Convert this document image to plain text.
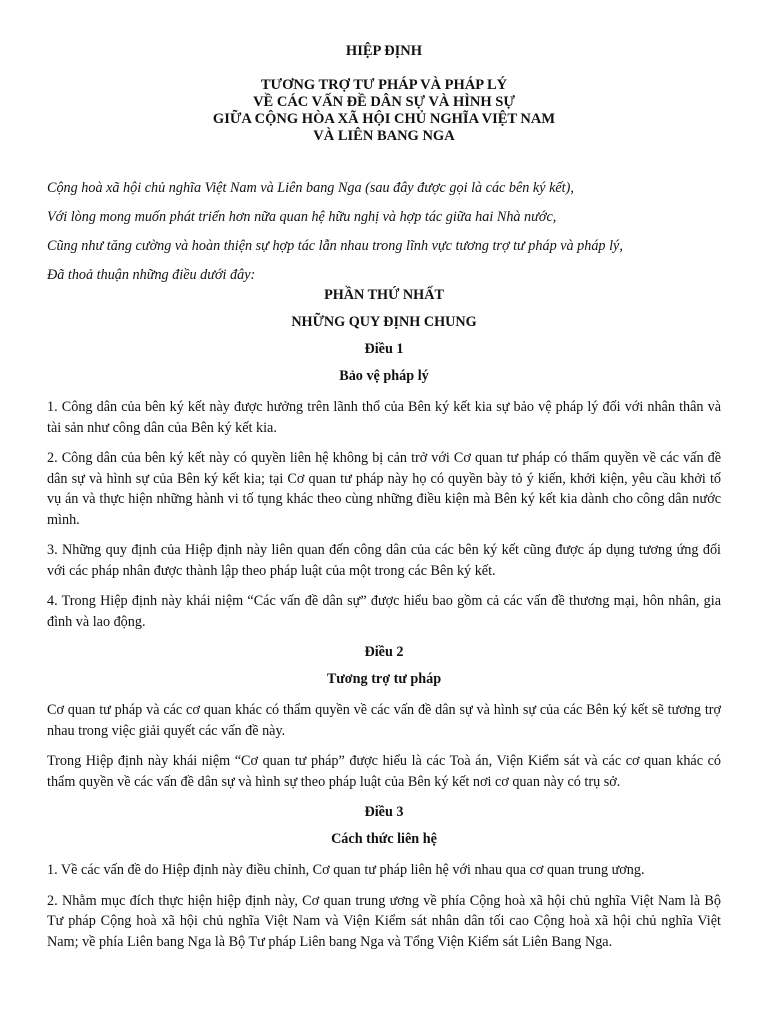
HIỆP ĐỊNH
TƯƠNG TRỢ TƯ PHÁP VÀ PHÁP LÝ
VỀ CÁC VẤN ĐỀ DÂN SỰ VÀ HÌNH SỰ
GIỮA CỘNG HÒA XÃ HỘI CHỦ NGHĨA VIỆT NAM
VÀ LIÊN BANG NGA

Cộng hoà xã hội chủ nghĩa Việt Nam và Liên bang Nga (sau đây được gọi là các bên ký kết),

Với lòng mong muốn phát triển hơn nữa quan hệ hữu nghị và hợp tác giữa hai Nhà nước,

Cũng như tăng cường và hoàn thiện sự hợp tác lẫn nhau trong lĩnh vực tương trợ tư pháp và pháp lý,

Đã thoả thuận những điều dưới đây:

PHẦN THỨ NHẤT

NHỮNG QUY ĐỊNH CHUNG

Điều 1

Bảo vệ pháp lý

1. Công dân của bên ký kết này được hưởng trên lãnh thổ của Bên ký kết kia sự bảo vệ pháp lý đối với nhân thân và tài sản như công dân của Bên ký kết kia.

2. Công dân của bên ký kết này có quyền liên hệ không bị cản trở với Cơ quan tư pháp có thẩm quyền về các vấn đề dân sự và hình sự của Bên ký kết kia; tại Cơ quan tư pháp này họ có quyền bày tỏ ý kiến, khởi kiện, yêu cầu khởi tố vụ án và thực hiện những hành vi tố tụng khác theo cùng những điều kiện mà Bên ký kết kia dành cho công dân nước mình.

3. Những quy định của Hiệp định này liên quan đến công dân của các bên ký kết cũng được áp dụng tương ứng đối với các pháp nhân được thành lập theo pháp luật của một trong các Bên ký kết.

4. Trong Hiệp định này khái niệm “Các vấn đề dân sự” được hiểu bao gồm cả các vấn đề thương mại, hôn nhân, gia đình và lao động.

Điều 2

Tương trợ tư pháp

Cơ quan tư pháp và các cơ quan khác có thẩm quyền về các vấn đề dân sự và hình sự của các Bên ký kết sẽ tương trợ nhau trong việc giải quyết các vấn đề này.

Trong Hiệp định này khái niệm “Cơ quan tư pháp” được hiểu là các Toà án, Viện Kiểm sát và các cơ quan khác có thẩm quyền về các vấn đề dân sự và hình sự theo pháp luật của Bên ký kết nơi cơ quan này có trụ sở.

Điều 3

Cách thức liên hệ

1. Về các vấn đề do Hiệp định này điều chỉnh, Cơ quan tư pháp liên hệ với nhau qua cơ quan trung ương.

2. Nhằm mục đích thực hiện hiệp định này, Cơ quan trung ương về phía Cộng hoà xã hội chủ nghĩa Việt Nam là Bộ Tư pháp Cộng hoà xã hội chủ nghĩa Việt Nam và Viện Kiểm sát nhân dân tối cao Cộng hoà xã hội chủ nghĩa Việt Nam; về phía Liên bang Nga là Bộ Tư pháp Liên bang Nga và Tổng Viện Kiểm sát Liên Bang Nga.
